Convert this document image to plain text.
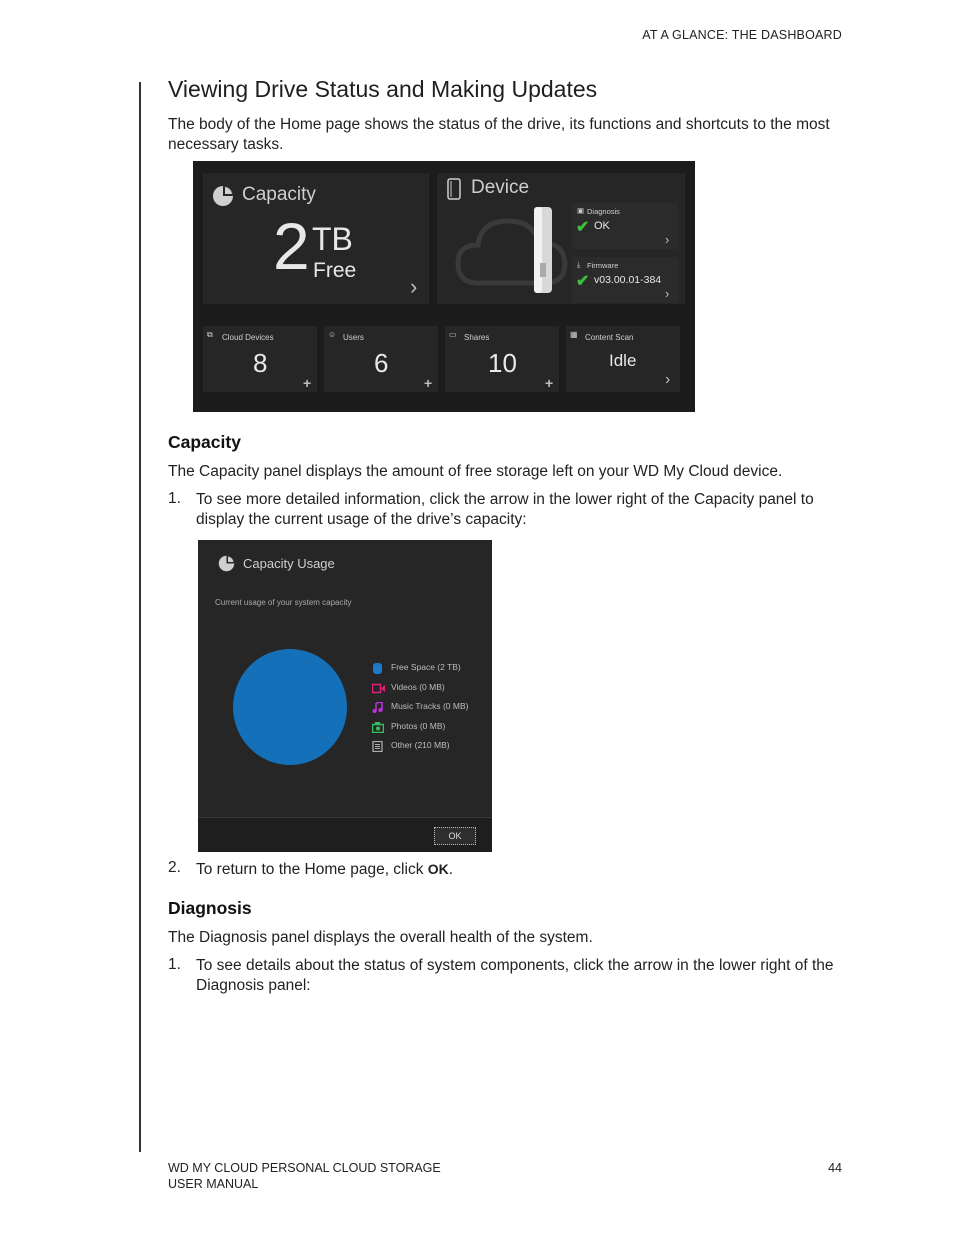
AT A GLANCE: THE DASHBOARD
Viewing Drive Status and Making Updates
The body of the Home page shows the status of the drive, its functions and shortcuts to the most necessary tasks.
Capacity
2 TB
Free
›
Device
▣ Diagnosis
✔ OK
›
⤓ Firmware
✔ v03.00.01-384
›
⧉ Cloud Devices
8
+
☺ Users
6
+
▭ Shares
10
+
▦ Content Scan
Idle
›
Capacity
The Capacity panel displays the amount of free storage left on your WD My Cloud device.
1. To see more detailed information, click the arrow in the lower right of the Capacity panel to display the current usage of the drive’s capacity:
Capacity Usage
Current usage of your system capacity
Free Space (2 TB)
Videos (0 MB)
Music Tracks (0 MB)
Photos (0 MB)
Other (210 MB)
OK
2. To return to the Home page, click OK.
Diagnosis
The Diagnosis panel displays the overall health of the system.
1. To see details about the status of system components, click the arrow in the lower right of the Diagnosis panel:
WD MY CLOUD PERSONAL CLOUD STORAGE
USER MANUAL
44
